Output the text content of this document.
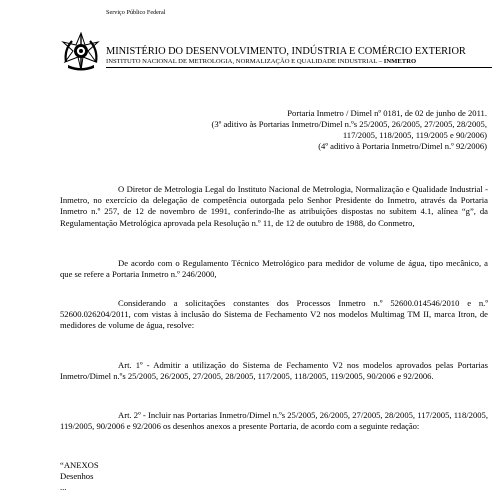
Serviço Público Federal
MINISTÉRIO DO DESENVOLVIMENTO, INDÚSTRIA E COMÉRCIO EXTERIOR
INSTITUTO NACIONAL DE METROLOGIA, NORMALIZAÇÃO E QUALIDADE INDUSTRIAL – INMETRO
Portaria Inmetro / Dimel nº 0181, de 02 de junho de 2011.
(3º aditivo às Portarias Inmetro/Dimel n.ºs 25/2005, 26/2005, 27/2005, 28/2005,
117/2005, 118/2005, 119/2005 e 90/2006)
(4º aditivo à Portaria Inmetro/Dimel n.º 92/2006)
O Diretor de Metrologia Legal do Instituto Nacional de Metrologia, Normalização e Qualidade Industrial - Inmetro, no exercício da delegação de competência outorgada pelo Senhor Presidente do Inmetro, através da Portaria Inmetro n.º 257, de 12 de novembro de 1991, conferindo-lhe as atribuições dispostas no subitem 4.1, alínea “g”, da Regulamentação Metrológica aprovada pela Resolução n.º 11, de 12 de outubro de 1988, do Conmetro,
De acordo com o Regulamento Técnico Metrológico para medidor de volume de água, tipo mecânico, a que se refere a Portaria Inmetro n.º 246/2000,
Considerando a solicitações constantes dos Processos Inmetro n.º 52600.014546/2010 e n.º 52600.026204/2011, com vistas à inclusão do Sistema de Fechamento V2 nos modelos Multimag TM II, marca Itron, de medidores de volume de água, resolve:
Art. 1º - Admitir a utilização do Sistema de Fechamento V2 nos modelos aprovados pelas Portarias Inmetro/Dimel n.ºs 25/2005, 26/2005, 27/2005, 28/2005, 117/2005, 118/2005, 119/2005, 90/2006 e 92/2006.
Art. 2º - Incluir nas Portarias Inmetro/Dimel n.ºs 25/2005, 26/2005, 27/2005, 28/2005, 117/2005, 118/2005, 119/2005, 90/2006 e 92/2006 os desenhos anexos a presente Portaria, de acordo com a seguinte redação:
“ANEXOS
Desenhos
...
